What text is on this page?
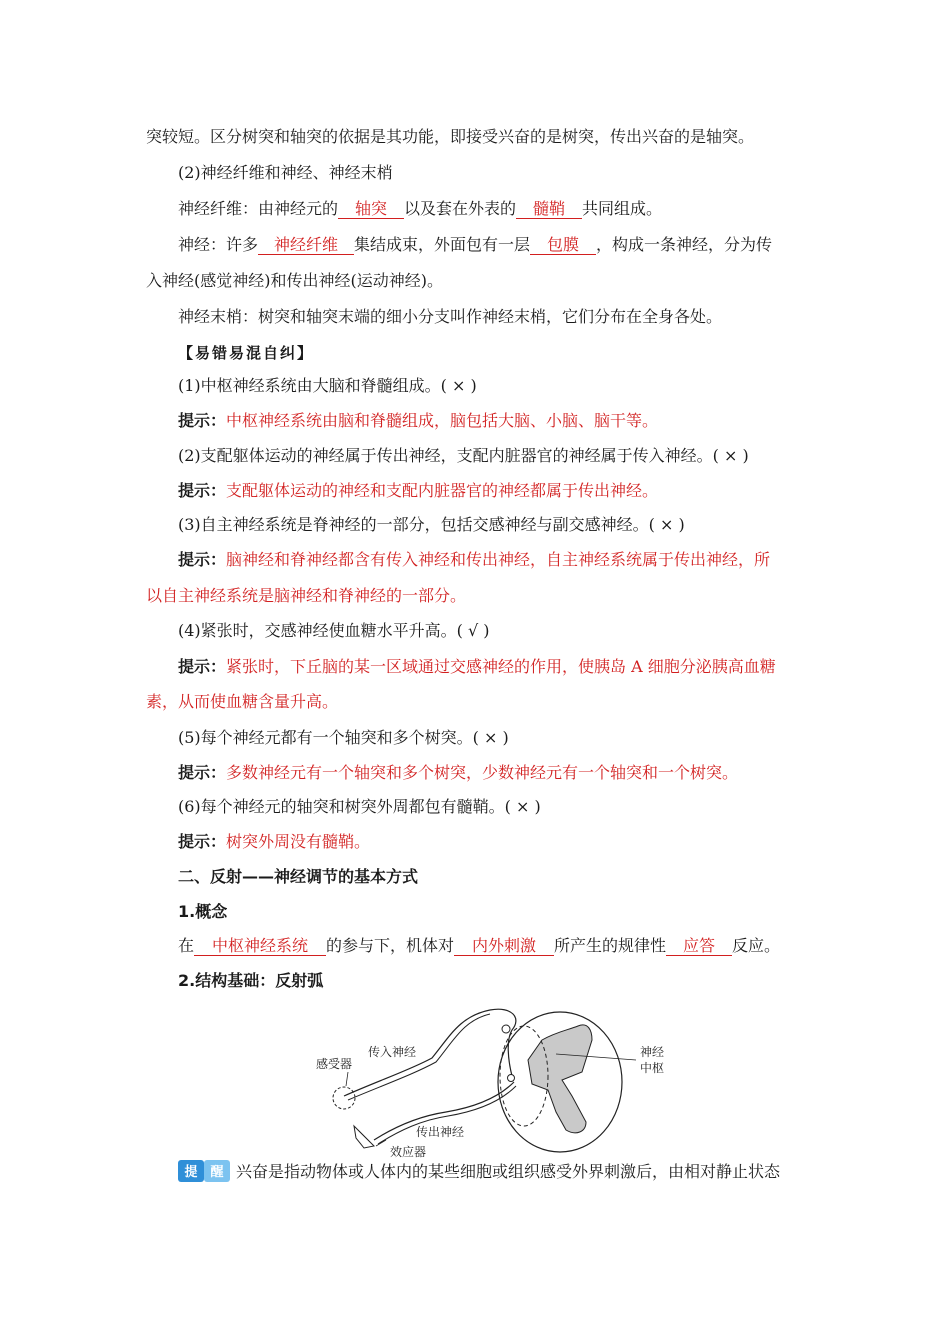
突较短。区分树突和轴突的依据是其功能，即接受兴奋的是树突，传出兴奋的是轴突。
(2)神经纤维和神经、神经末梢
神经纤维：由神经元的 轴突 以及套在外表的 髓鞘 共同组成。
神经：许多 神经纤维 集结成束，外面包有一层 包膜 ，构成一条神经，分为传
入神经(感觉神经)和传出神经(运动神经)。
神经末梢：树突和轴突末端的细小分支叫作神经末梢，它们分布在全身各处。
【易错易混自纠】
(1)中枢神经系统由大脑和脊髓组成。( × )
提示：中枢神经系统由脑和脊髓组成，脑包括大脑、小脑、脑干等。
(2)支配躯体运动的神经属于传出神经，支配内脏器官的神经属于传入神经。( × )
提示：支配躯体运动的神经和支配内脏器官的神经都属于传出神经。
(3)自主神经系统是脊神经的一部分，包括交感神经与副交感神经。( × )
提示：脑神经和脊神经都含有传入神经和传出神经，自主神经系统属于传出神经，所
以自主神经系统是脑神经和脊神经的一部分。
(4)紧张时，交感神经使血糖水平升高。( √ )
提示：紧张时，下丘脑的某一区域通过交感神经的作用，使胰岛 A 细胞分泌胰高血糖
素，从而使血糖含量升高。
(5)每个神经元都有一个轴突和多个树突。( × )
提示：多数神经元有一个轴突和多个树突，少数神经元有一个轴突和一个树突。
(6)每个神经元的轴突和树突外周都包有髓鞘。( × )
提示：树突外周没有髓鞘。
二、反射——神经调节的基本方式
1.概念
在 中枢神经系统 的参与下，机体对 内外刺激 所产生的规律性 应答 反应。
2.结构基础：反射弧
感受器
传入神经
传出神经
效应器
神经
中枢
提 醒 兴奋是指动物体或人体内的某些细胞或组织感受外界刺激后，由相对静止状态
